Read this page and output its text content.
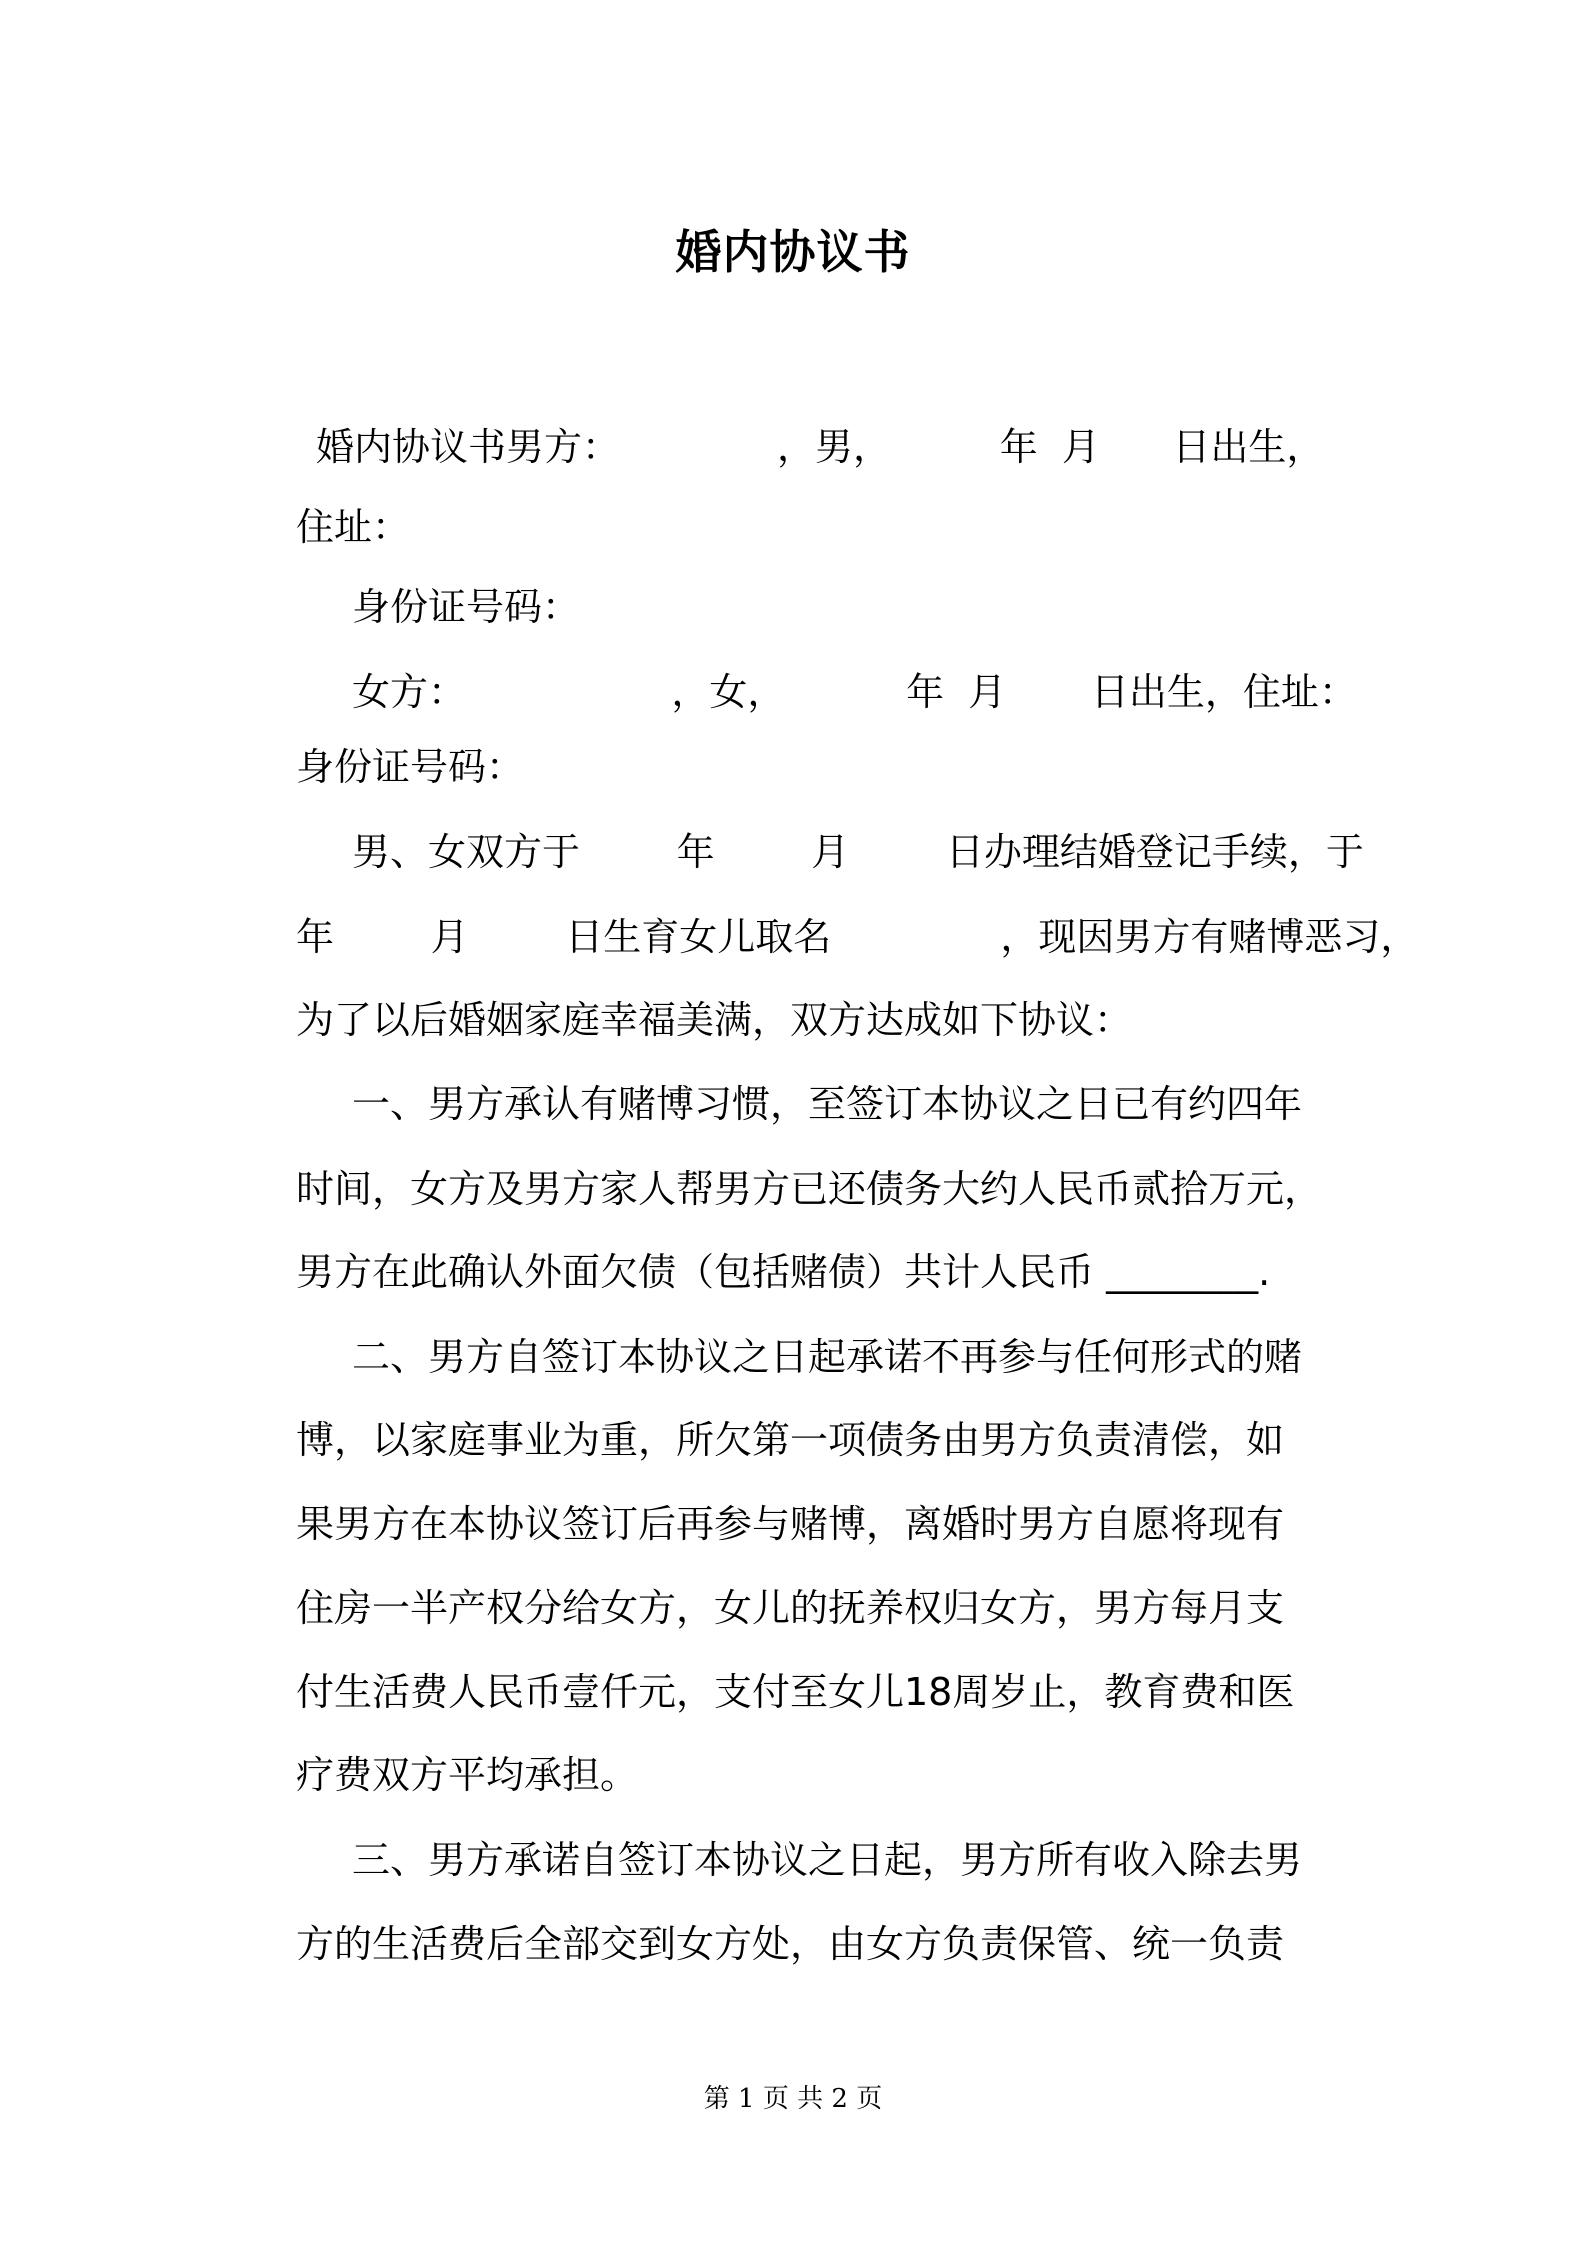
婚内协议书
婚内协议书男方：             ，男，         年  月      日出生，
住址：
身份证号码：
女方：                 ，女，          年  月       日出生，住址：
身份证号码：
男、女双方于        年        月        日办理结婚登记手续，于
年        月        日生育女儿取名              ，现因男方有赌博恶习，
为了以后婚姻家庭幸福美满，双方达成如下协议：
一、男方承认有赌博习惯，至签订本协议之日已有约四年
时间，女方及男方家人帮男方已还债务大约人民币贰拾万元，
男方在此确认外面欠债（包括赌债）共计人民币 ________.
二、男方自签订本协议之日起承诺不再参与任何形式的赌
博，以家庭事业为重，所欠第一项债务由男方负责清偿，如
果男方在本协议签订后再参与赌博，离婚时男方自愿将现有
住房一半产权分给女方，女儿的抚养权归女方，男方每月支
付生活费人民币壹仟元，支付至女儿18周岁止，教育费和医
疗费双方平均承担。
三、男方承诺自签订本协议之日起，男方所有收入除去男
方的生活费后全部交到女方处，由女方负责保管、统一负责
第 1 页 共 2 页
